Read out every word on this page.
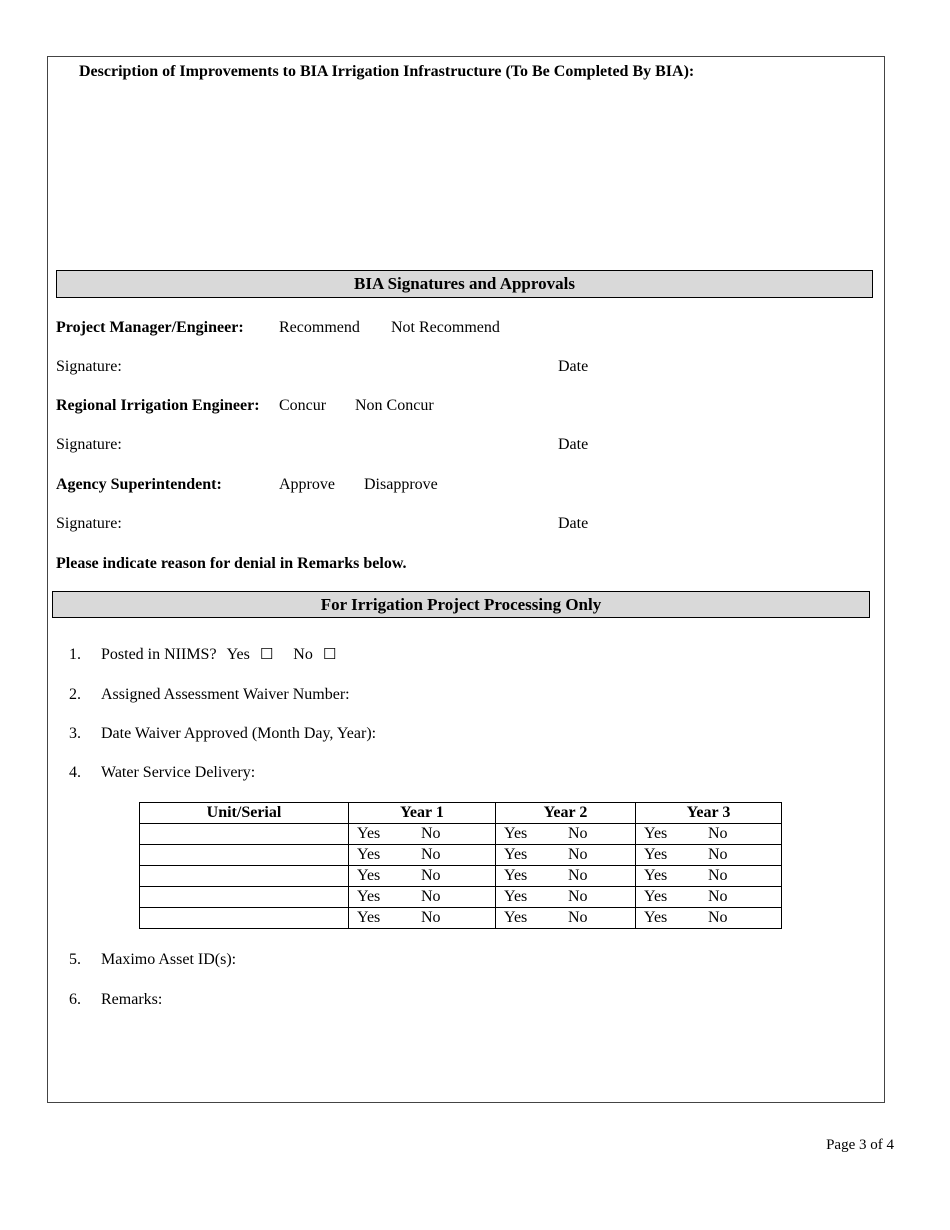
Description of Improvements to BIA Irrigation Infrastructure (To Be Completed By BIA):
BIA Signatures and Approvals
Project Manager/Engineer: Recommend Not Recommend
Signature:	Date
Regional Irrigation Engineer: Concur Non Concur
Signature:	Date
Agency Superintendent:	Approve Disapprove
Signature:	Date
Please indicate reason for denial in Remarks below.
For Irrigation Project Processing Only
1. Posted in NIIMS? Yes ☐ No ☐
2. Assigned Assessment Waiver Number:
3. Date Waiver Approved (Month Day, Year):
4. Water Service Delivery:
Unit/Serial	Year 1	Year 2	Year 3

	Yes No	Yes No	Yes No

	Yes No	Yes No	Yes No

	Yes No	Yes No	Yes No

	Yes No	Yes No	Yes No

	Yes No	Yes No	Yes No
5. Maximo Asset ID(s):
6. Remarks:
Page 3 of 4
